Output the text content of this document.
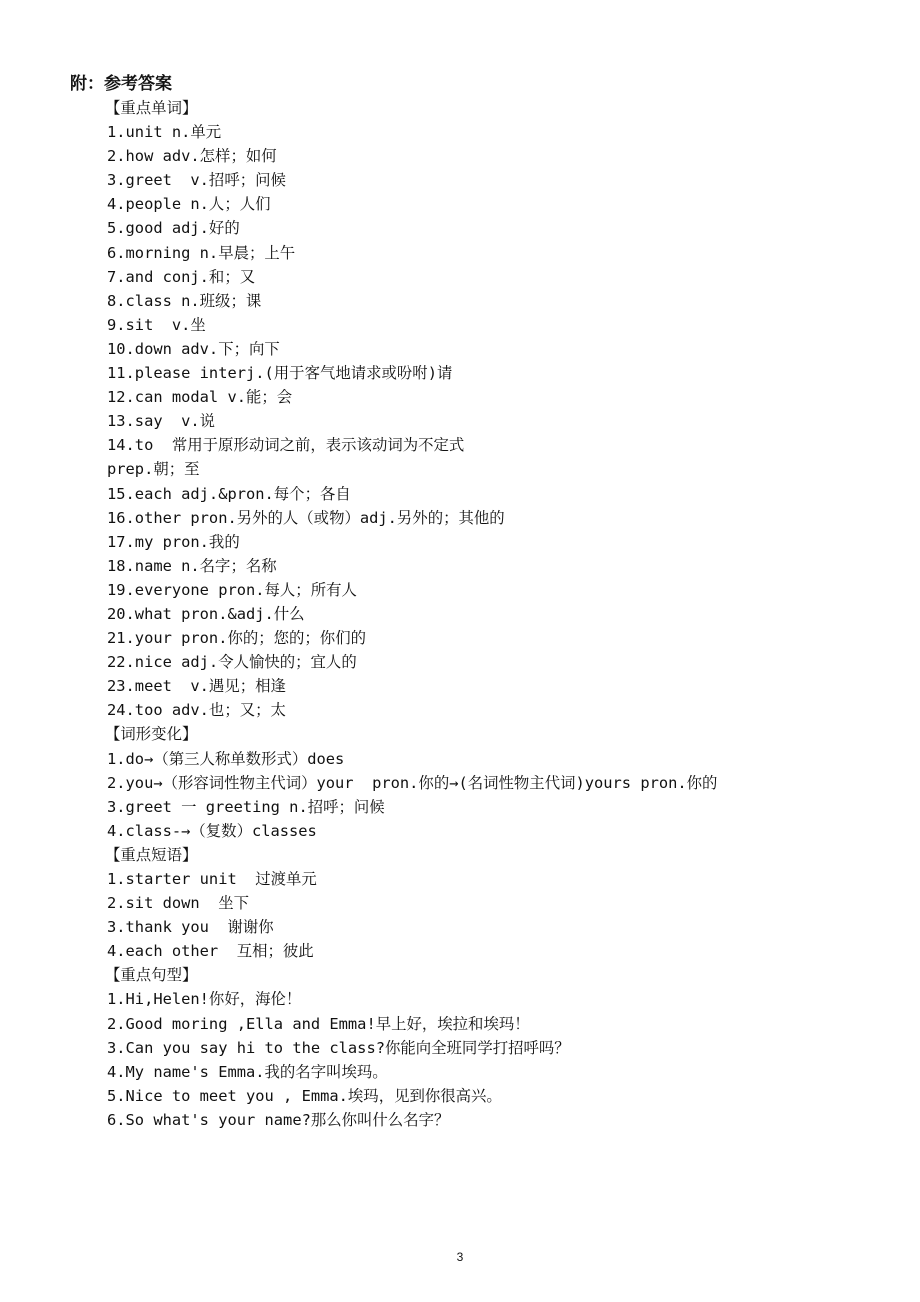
附：参考答案
【重点单词】
1.unit n.单元
2.how adv.怎样；如何
3.greet  v.招呼；问候
4.people n.人；人们
5.good adj.好的
6.morning n.早晨；上午
7.and conj.和；又
8.class n.班级；课
9.sit  v.坐
10.down adv.下；向下
11.please interj.(用于客气地请求或吩咐)请
12.can modal v.能；会
13.say  v.说
14.to  常用于原形动词之前，表示该动词为不定式
prep.朝；至
15.each adj.&pron.每个；各自
16.other pron.另外的人（或物）adj.另外的；其他的
17.my pron.我的
18.name n.名字；名称
19.everyone pron.每人；所有人
20.what pron.&adj.什么
21.your pron.你的；您的；你们的
22.nice adj.令人愉快的；宜人的
23.meet  v.遇见；相逢
24.too adv.也；又；太
【词形变化】
1.do→（第三人称单数形式）does
2.you→（形容词性物主代词）your  pron.你的→(名词性物主代词)yours pron.你的
3.greet 一 greeting n.招呼；问候
4.class-→（复数）classes
【重点短语】
1.starter unit  过渡单元
2.sit down  坐下
3.thank you  谢谢你
4.each other  互相；彼此
【重点句型】
1.Hi,Helen!你好，海伦！
2.Good moring ,Ella and Emma!早上好，埃拉和埃玛！
3.Can you say hi to the class?你能向全班同学打招呼吗？
4.My name's Emma.我的名字叫埃玛。
5.Nice to meet you , Emma.埃玛，见到你很高兴。
6.So what's your name?那么你叫什么名字？
3
